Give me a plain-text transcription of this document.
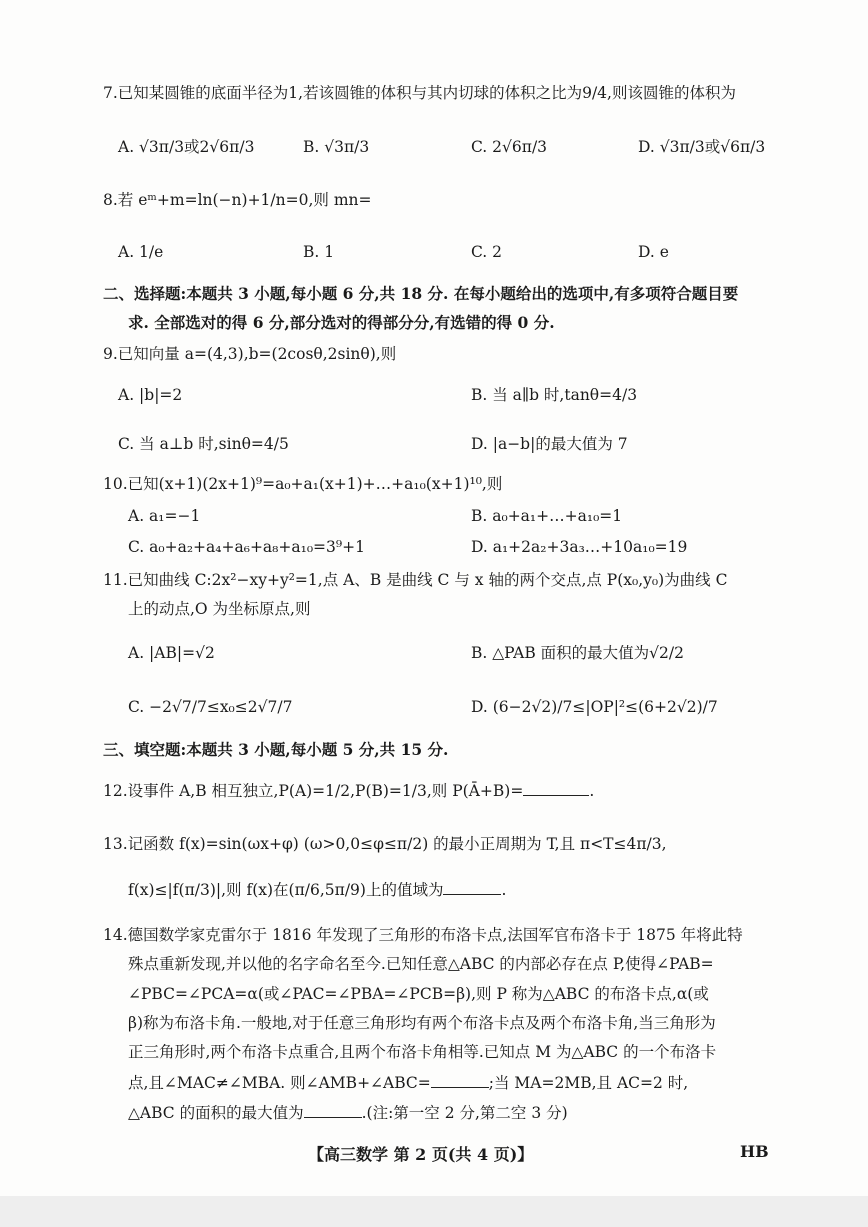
7.已知某圆锥的底面半径为1,若该圆锥的体积与其内切球的体积之比为9/4,则该圆锥的体积为
A. √3π/3或2√6π/3	B. √3π/3	C. 2√6π/3	D. √3π/3或√6π/3
8.若 eᵐ+m=ln(−n)+1/n=0,则 mn=
A. 1/e	B. 1	C. 2	D. e
二、选择题:本题共 3 小题,每小题 6 分,共 18 分. 在每小题给出的选项中,有多项符合题目要
求. 全部选对的得 6 分,部分选对的得部分分,有选错的得 0 分.
9.已知向量 a=(4,3),b=(2cosθ,2sinθ),则
A. |b|=2	B. 当 a∥b 时,tanθ=4/3
C. 当 a⊥b 时,sinθ=4/5	D. |a−b|的最大值为 7
10.已知(x+1)(2x+1)⁹=a₀+a₁(x+1)+…+a₁₀(x+1)¹⁰,则
A. a₁=−1	B. a₀+a₁+…+a₁₀=1
C. a₀+a₂+a₄+a₆+a₈+a₁₀=3⁹+1	D. a₁+2a₂+3a₃…+10a₁₀=19
11.已知曲线 C:2x²−xy+y²=1,点 A、B 是曲线 C 与 x 轴的两个交点,点 P(x₀,y₀)为曲线 C
上的动点,O 为坐标原点,则
A. |AB|=√2	B. △PAB 面积的最大值为√2/2
C. −2√7/7≤x₀≤2√7/7	D. (6−2√2)/7≤|OP|²≤(6+2√2)/7
三、填空题:本题共 3 小题,每小题 5 分,共 15 分.
12.设事件 A,B 相互独立,P(A)=1/2,P(B)=1/3,则 P(Ā+B)=	.
13.记函数 f(x)=sin(ωx+φ) (ω>0,0≤φ≤π/2) 的最小正周期为 T,且 π<T≤4π/3,
f(x)≤|f(π/3)|,则 f(x)在(π/6,5π/9)上的值域为	.
14.德国数学家克雷尔于 1816 年发现了三角形的布洛卡点,法国军官布洛卡于 1875 年将此特
殊点重新发现,并以他的名字命名至今.已知任意△ABC 的内部必存在点 P,使得∠PAB=
∠PBC=∠PCA=α(或∠PAC=∠PBA=∠PCB=β),则 P 称为△ABC 的布洛卡点,α(或
β)称为布洛卡角.一般地,对于任意三角形均有两个布洛卡点及两个布洛卡角,当三角形为
正三角形时,两个布洛卡点重合,且两个布洛卡角相等.已知点 M 为△ABC 的一个布洛卡
点,且∠MAC≠∠MBA. 则∠AMB+∠ABC=	;当 MA=2MB,且 AC=2 时,
△ABC 的面积的最大值为	.(注:第一空 2 分,第二空 3 分)
【高三数学 第 2 页(共 4 页)】	HB
